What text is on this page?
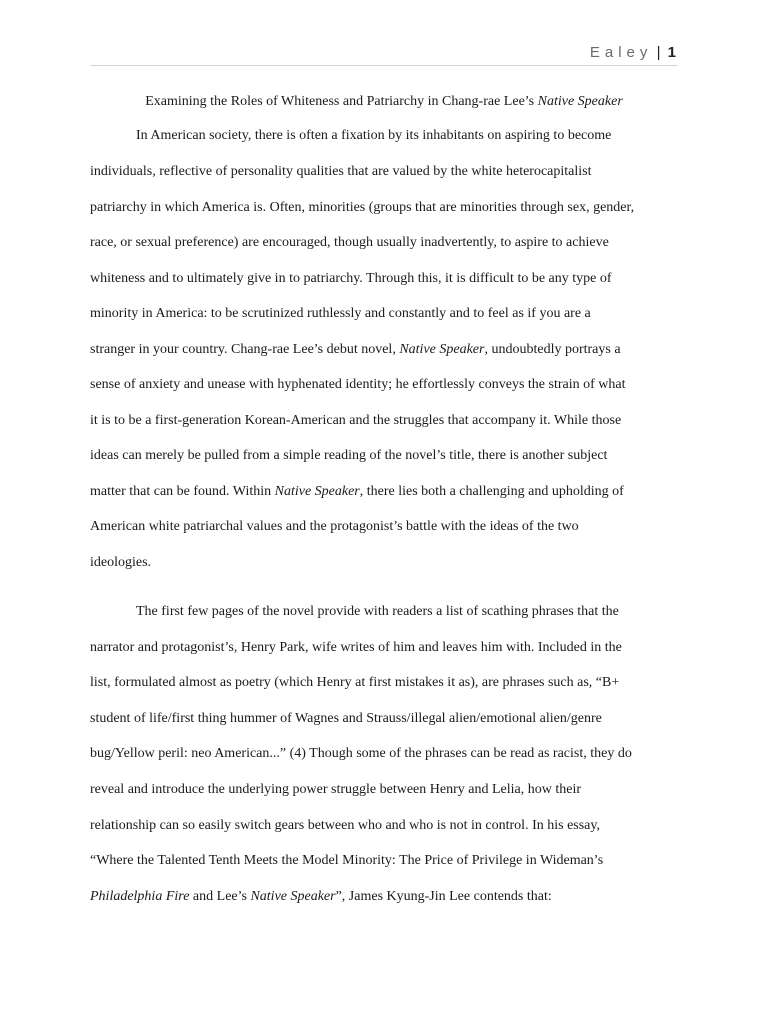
Ealey | 1
Examining the Roles of Whiteness and Patriarchy in Chang-rae Lee’s Native Speaker
In American society, there is often a fixation by its inhabitants on aspiring to become
individuals, reflective of personality qualities that are valued by the white heterocapitalist
patriarchy in which America is. Often, minorities (groups that are minorities through sex, gender,
race, or sexual preference) are encouraged, though usually inadvertently, to aspire to achieve
whiteness and to ultimately give in to patriarchy. Through this, it is difficult to be any type of
minority in America: to be scrutinized ruthlessly and constantly and to feel as if you are a
stranger in your country. Chang-rae Lee’s debut novel, Native Speaker, undoubtedly portrays a
sense of anxiety and unease with hyphenated identity; he effortlessly conveys the strain of what
it is to be a first-generation Korean-American and the struggles that accompany it. While those
ideas can merely be pulled from a simple reading of the novel’s title, there is another subject
matter that can be found. Within Native Speaker, there lies both a challenging and upholding of
American white patriarchal values and the protagonist’s battle with the ideas of the two
ideologies.
The first few pages of the novel provide with readers a list of scathing phrases that the
narrator and protagonist’s, Henry Park, wife writes of him and leaves him with. Included in the
list, formulated almost as poetry (which Henry at first mistakes it as), are phrases such as, “B+
student of life/first thing hummer of Wagnes and Strauss/illegal alien/emotional alien/genre
bug/Yellow peril: neo American...” (4) Though some of the phrases can be read as racist, they do
reveal and introduce the underlying power struggle between Henry and Lelia, how their
relationship can so easily switch gears between who and who is not in control. In his essay,
“Where the Talented Tenth Meets the Model Minority: The Price of Privilege in Wideman’s
Philadelphia Fire and Lee’s Native Speaker”, James Kyung-Jin Lee contends that:
